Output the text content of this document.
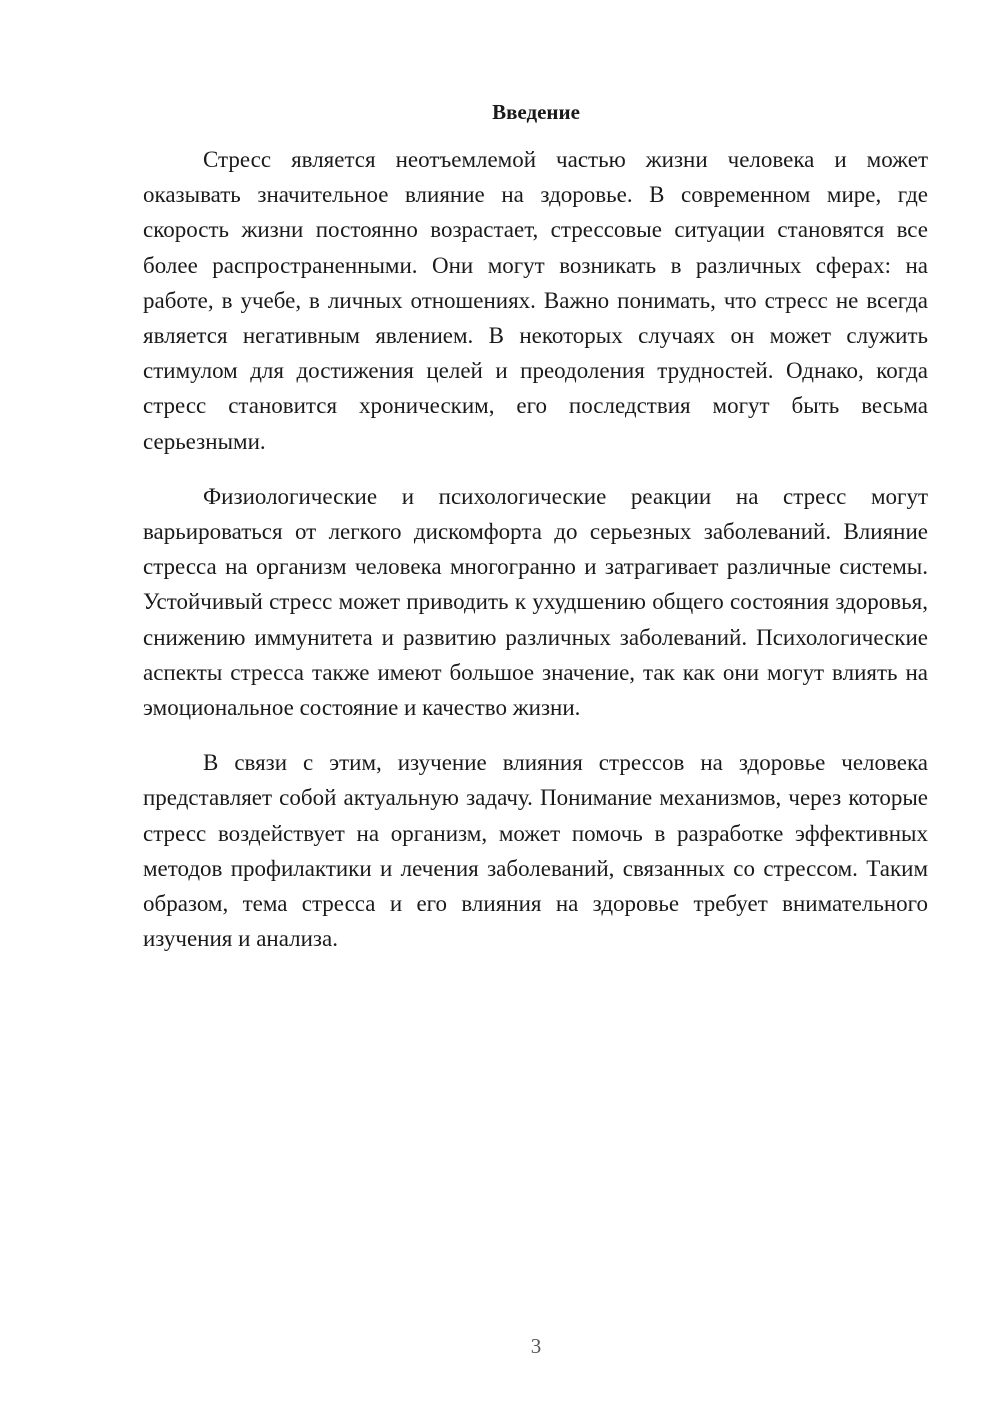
Введение

Стресс является неотъемлемой частью жизни человека и может оказывать значительное влияние на здоровье. В современном мире, где скорость жизни постоянно возрастает, стрессовые ситуации становятся все более распространенными. Они могут возникать в различных сферах: на работе, в учебе, в личных отношениях. Важно понимать, что стресс не всегда является негативным явлением. В некоторых случаях он может служить стимулом для достижения целей и преодоления трудностей. Однако, когда стресс становится хроническим, его последствия могут быть весьма серьезными.

Физиологические и психологические реакции на стресс могут варьироваться от легкого дискомфорта до серьезных заболеваний. Влияние стресса на организм человека многогранно и затрагивает различные системы. Устойчивый стресс может приводить к ухудшению общего состояния здоровья, снижению иммунитета и развитию различных заболеваний. Психологические аспекты стресса также имеют большое значение, так как они могут влиять на эмоциональное состояние и качество жизни.

В связи с этим, изучение влияния стрессов на здоровье человека представляет собой актуальную задачу. Понимание механизмов, через которые стресс воздействует на организм, может помочь в разработке эффективных методов профилактики и лечения заболеваний, связанных со стрессом. Таким образом, тема стресса и его влияния на здоровье требует внимательного изучения и анализа.

3
